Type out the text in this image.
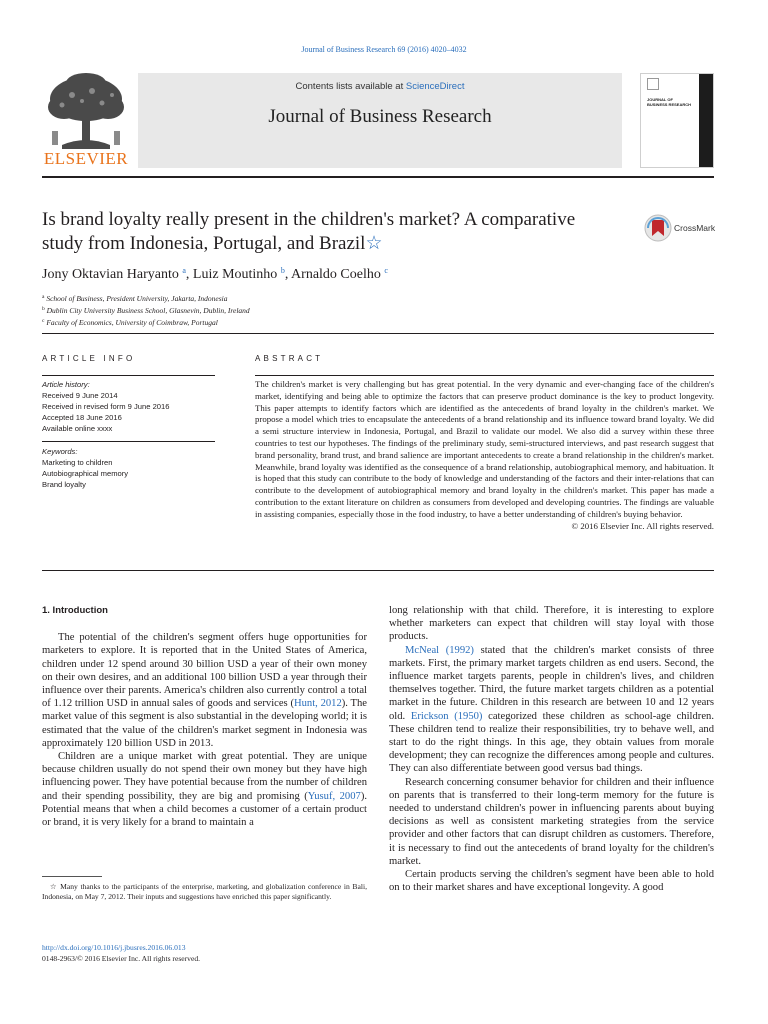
Journal of Business Research 69 (2016) 4020–4032
ELSEVIER
Contents lists available at ScienceDirect
Journal of Business Research
JOURNAL OF BUSINESS RESEARCH
Is brand loyalty really present in the children's market? A comparative
study from Indonesia, Portugal, and Brazil☆
CrossMark
Jony Oktavian Haryanto $^a$, Luiz Moutinho $^b$, Arnaldo Coelho $^c$
$^a$ School of Business, President University, Jakarta, Indonesia
$^b$ Dublin City University Business School, Glasnevin, Dublin, Ireland
$^c$ Faculty of Economics, University of Coimbraw, Portugal
ARTICLE INFO
Article history:
Received 9 June 2014
Received in revised form 9 June 2016
Accepted 18 June 2016
Available online xxxx
Keywords:
Marketing to children
Autobiographical memory
Brand loyalty
ABSTRACT
The children's market is very challenging but has great potential. In the very dynamic and ever-changing face of the children's market, identifying and being able to optimize the factors that can preserve product dominance is the key to product longevity. This paper attempts to identify factors which are identified as the antecedents of brand loyalty in the children's market. We propose a model which tries to encapsulate the antecedents of a brand relationship and its influence toward brand loyalty. We did a semi structure interview in Indonesia, Portugal, and Brazil to validate our model. We also did a survey within these three countries to test our hypotheses. The findings of the preliminary study, semi-structured interviews, and past research suggest that brand personality, brand trust, and brand salience are important antecedents to create a brand relationship in the children's market. Meanwhile, brand loyalty was identified as the consequence of a brand relationship, autobiographical memory, and habituation. It is hoped that this study can contribute to the body of knowledge and understanding of the factors and their inter-relations that can contribute to the development of autobiographical memory and brand loyalty in the children's market. This paper has made a contribution to the extant literature on children as consumers from developed and developing countries. The findings are valuable in assisting companies, especially those in the food industry, to have a better understanding of children's buying behavior.
© 2016 Elsevier Inc. All rights reserved.

1. Introduction

The potential of the children's segment offers huge opportunities for marketers to explore. It is reported that in the United States of America, children under 12 spend around 30 billion USD a year of their own money on their own desires, and an additional 100 billion USD a year through their influence over their parents. America's children also currently control a total of 1.12 trillion USD in annual sales of goods and services (Hunt, 2012). The market value of this segment is also substantial in the developing world; it is estimated that the value of the children's market segment in Indonesia was approximately 120 billion USD in 2013.

Children are a unique market with great potential. They are unique because children usually do not spend their own money but they have high influencing power. They have potential because from the number of children and their spending possibility, they are big and promising (Yusuf, 2007). Potential means that when a child becomes a customer of a certain product or brand, it is very likely for a brand to maintain a

☆ Many thanks to the participants of the enterprise, marketing, and globalization conference in Bali, Indonesia, on May 7, 2012. Their inputs and suggestions have enriched this paper significantly.
http://dx.doi.org/10.1016/j.jbusres.2016.06.013
0148-2963/© 2016 Elsevier Inc. All rights reserved.

long relationship with that child. Therefore, it is interesting to explore whether marketers can expect that children will stay loyal with those products.

McNeal (1992) stated that the children's market consists of three markets. First, the primary market targets children as end users. Second, the influence market targets parents, people in children's lives, and children themselves together. Third, the future market targets children as a potential market in the future. Children in this research are between 10 and 12 years old. Erickson (1950) categorized these children as school-age children. These children tend to realize their responsibilities, try to behave well, and start to do the right things. In this age, they obtain values from morale development; they can recognize the differences among people and cultures. They can also differentiate between good versus bad things.

Research concerning consumer behavior for children and their influence on parents that is transferred to their long-term memory for the future is needed to understand children's power in influencing parents about buying decisions as well as consistent marketing strategies from the service provider and other factors that can disrupt children as customers. Therefore, it is necessary to find out the antecedents of brand loyalty for the children's market.

Certain products serving the children's segment have been able to hold on to their market shares and have exceptional longevity. A good
